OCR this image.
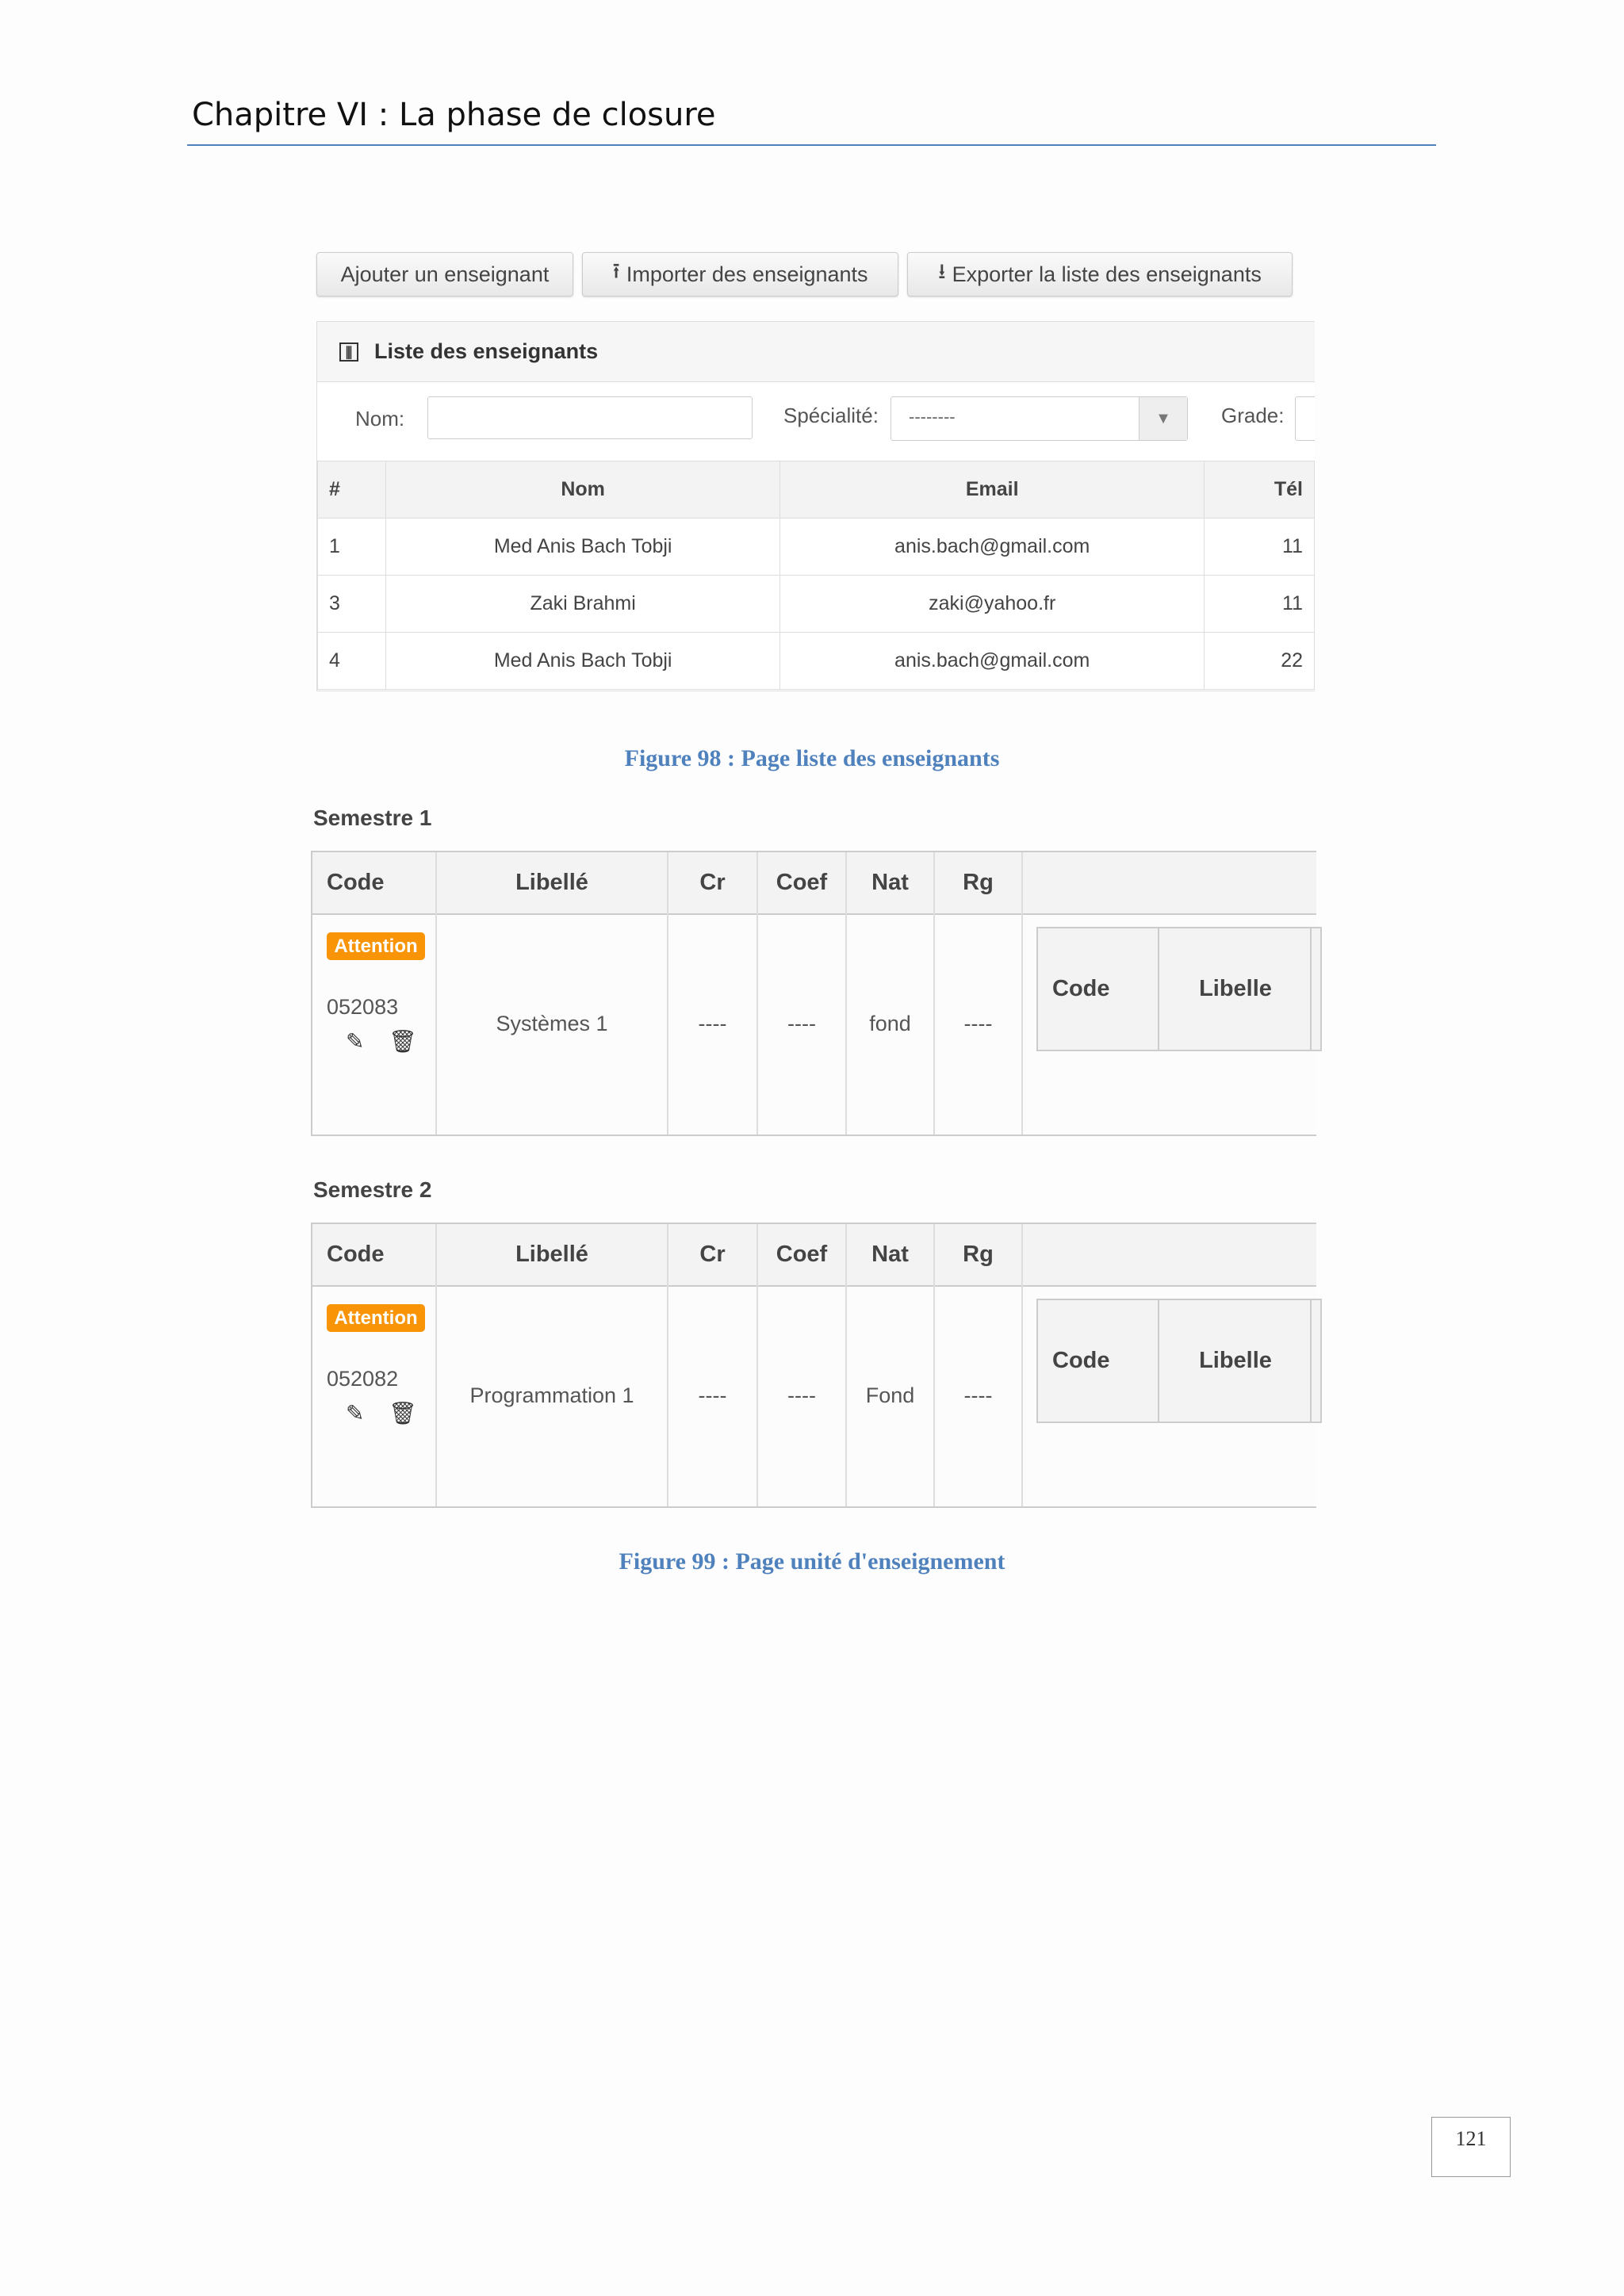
Chapitre VI : La phase de closure
Ajouter un enseignant	⭱ Importer des enseignants	⭳ Exporter la liste des enseignants
⫼ Liste des enseignants
Nom:	Spécialité: --------	▼	Grade:
#	Nom	Email	Tél
1	Med Anis Bach Tobji	anis.bach@gmail.com	11
3	Zaki Brahmi	zaki@yahoo.fr	11
4	Med Anis Bach Tobji	anis.bach@gmail.com	22
Figure 98 : Page liste des enseignants
Semestre 1
Code	Libellé	Cr	Coef	Nat	Rg
Attention
052083
✎ 🗑
Systèmes 1	----	----	fond	----
Code	Libelle
Semestre 2
Code	Libellé	Cr	Coef	Nat	Rg
Attention
052082
✎ 🗑
Programmation 1	----	----	Fond	----
Code	Libelle
Figure 99 : Page unité d'enseignement
121
